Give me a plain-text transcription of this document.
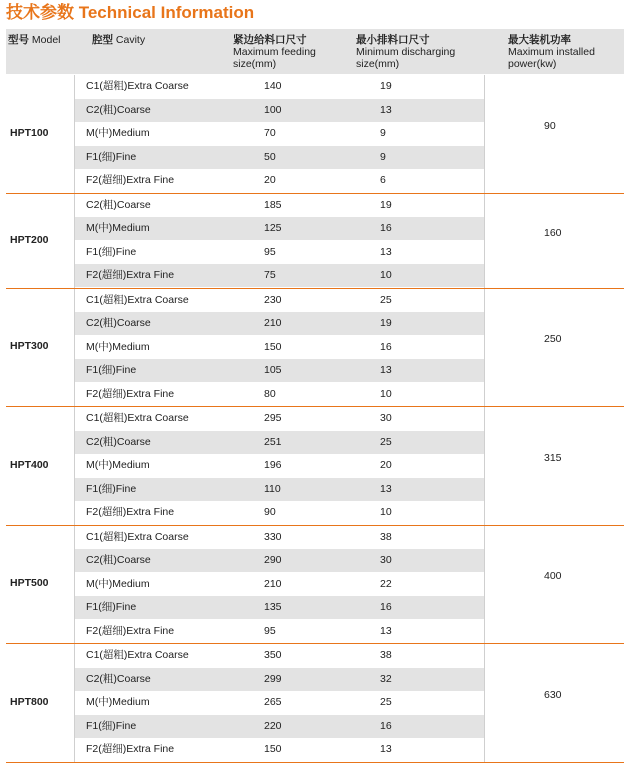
技术参数 Technical Information
型号 Model	腔型 Cavity	紧边给料口尺寸
Maximum feeding
size(mm)
最小排料口尺寸
Minimum discharging
size(mm)
最大装机功率
Maximum installed
power(kw)
C1(超粗)Extra Coarse	140	19
C2(粗)Coarse	100	13
M(中)Medium	70	9
F1(细)Fine	50	9
F2(超细)Extra Fine	20	6
HPT100
90
C2(粗)Coarse	185	19
M(中)Medium	125	16
F1(细)Fine	95	13
F2(超细)Extra Fine	75	10
HPT200
160
C1(超粗)Extra Coarse	230	25
C2(粗)Coarse	210	19
M(中)Medium	150	16
F1(细)Fine	105	13
F2(超细)Extra Fine	80	10
HPT300
250
C1(超粗)Extra Coarse	295	30
C2(粗)Coarse	251	25
M(中)Medium	196	20
F1(细)Fine	110	13
F2(超细)Extra Fine	90	10
HPT400
315
C1(超粗)Extra Coarse	330	38
C2(粗)Coarse	290	30
M(中)Medium	210	22
F1(细)Fine	135	16
F2(超细)Extra Fine	95	13
HPT500
400
C1(超粗)Extra Coarse	350	38
C2(粗)Coarse	299	32
M(中)Medium	265	25
F1(细)Fine	220	16
F2(超细)Extra Fine	150	13
HPT800
630
